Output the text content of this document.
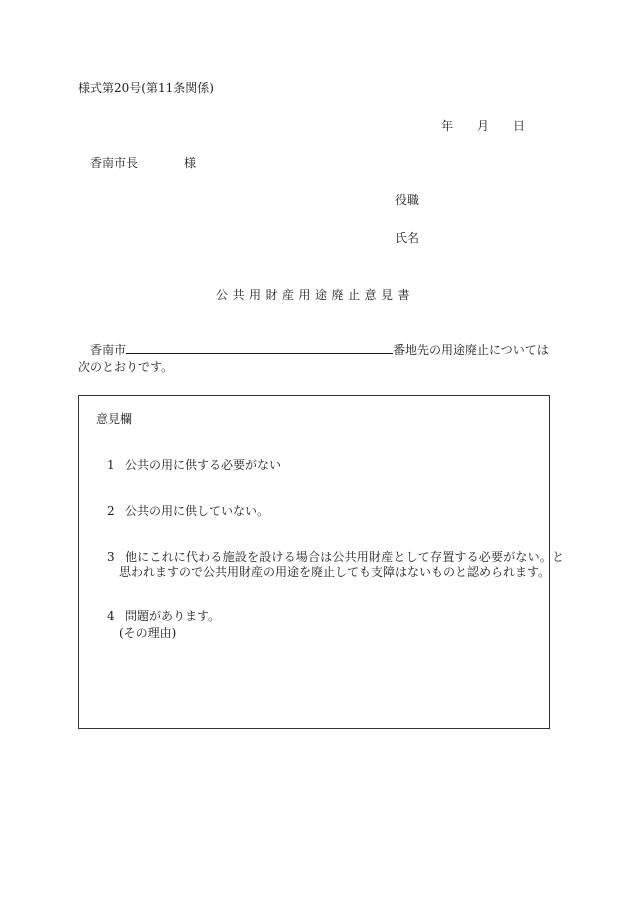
様式第20号(第11条関係)
年 月 日
香南市長	様
役職
氏名
公共用財産用途廃止意見書
香南市	番地先の用途廃止については
次のとおりです。
意見欄
1 公共の用に供する必要がない
2 公共の用に供していない。
3 他にこれに代わる施設を設ける場合は公共用財産として存置する必要がない。と
思われますので公共用財産の用途を廃止しても支障はないものと認められます。
4 問題があります。
(その理由)
